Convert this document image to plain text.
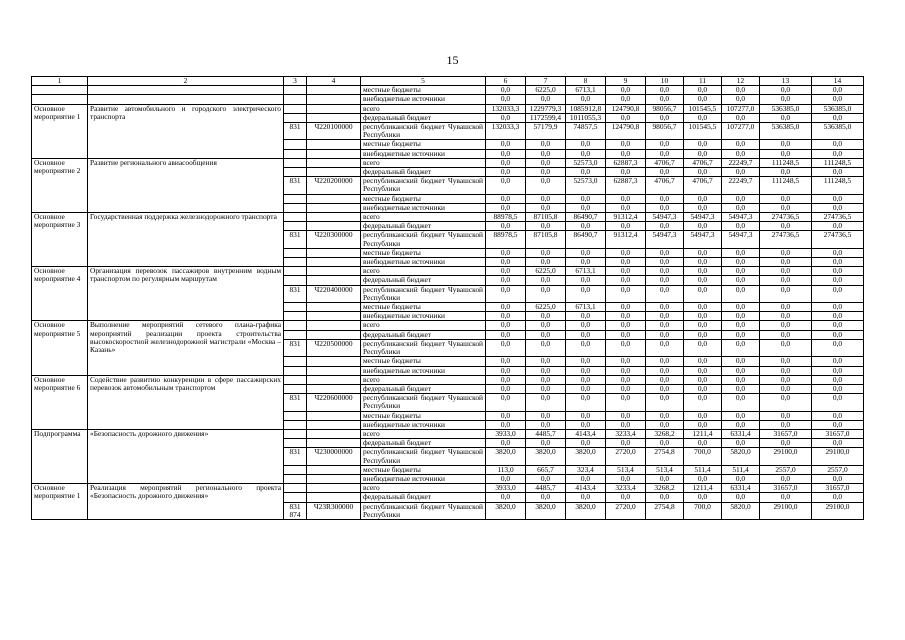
15
1	2	3	4	5	6	7	8	9	10	11	12	13	14
				местные бюджеты	0,0	6225,0	6713,1	0,0	0,0	0,0	0,0	0,0	0,0
				внебюджетные источники	0,0	0,0	0,0	0,0	0,0	0,0	0,0	0,0	0,0
Основное мероприятие 1	Развитие автомобильного и городского электрического транспорта			всего	132033,3	1229779,3	1085912,8	124790,8	98056,7	101545,5	107277,0	536385,0	536385,0
				федеральный бюджет	0,0	1172599,4	1011055,3	0,0	0,0	0,0	0,0	0,0	0,0
		831	Ч220100000	республиканский бюджет Чувашской Республики	132033,3	57179,9	74857,5	124790,8	98056,7	101545,5	107277,0	536385,0	536385,0
				местные бюджеты	0,0	0,0	0,0	0,0	0,0	0,0	0,0	0,0	0,0
				внебюджетные источники	0,0	0,0	0,0	0,0	0,0	0,0	0,0	0,0	0,0
Основное мероприятие 2	Развитие регионального авиасообщения			всего	0,0	0,0	52573,0	62887,3	4706,7	4706,7	22249,7	111248,5	111248,5
				федеральный бюджет	0,0	0,0	0,0	0,0	0,0	0,0	0,0	0,0	0,0
		831	Ч220200000	республиканский бюджет Чувашской Республики	0,0	0,0	52573,0	62887,3	4706,7	4706,7	22249,7	111248,5	111248,5
				местные бюджеты	0,0	0,0	0,0	0,0	0,0	0,0	0,0	0,0	0,0
				внебюджетные источники	0,0	0,0	0,0	0,0	0,0	0,0	0,0	0,0	0,0
Основное мероприятие 3	Государственная поддержка железнодорожного транспорта			всего	88978,5	87105,8	86490,7	91312,4	54947,3	54947,3	54947,3	274736,5	274736,5
				федеральный бюджет	0,0	0,0	0,0	0,0	0,0	0,0	0,0	0,0	0,0
		831	Ч220300000	республиканский бюджет Чувашской Республики	88978,5	87105,8	86490,7	91312,4	54947,3	54947,3	54947,3	274736,5	274736,5
				местные бюджеты	0,0	0,0	0,0	0,0	0,0	0,0	0,0	0,0	0,0
				внебюджетные источники	0,0	0,0	0,0	0,0	0,0	0,0	0,0	0,0	0,0
Основное мероприятие 4	Организация перевозок пассажиров внутренним водным транспортом по регулярным маршрутам			всего	0,0	6225,0	6713,1	0,0	0,0	0,0	0,0	0,0	0,0
				федеральный бюджет	0,0	0,0	0,0	0,0	0,0	0,0	0,0	0,0	0,0
		831	Ч220400000	республиканский бюджет Чувашской Республики	0,0	0,0	0,0	0,0	0,0	0,0	0,0	0,0	0,0
				местные бюджеты	0,0	6225,0	6713,1	0,0	0,0	0,0	0,0	0,0	0,0
				внебюджетные источники	0,0	0,0	0,0	0,0	0,0	0,0	0,0	0,0	0,0
Основное мероприятие 5	Выполнение мероприятий сетевого плана-графика мероприятий реализации проекта строительства высокоскоростной железнодорожной магистрали «Москва – Казань»			всего	0,0	0,0	0,0	0,0	0,0	0,0	0,0	0,0	0,0
				федеральный бюджет	0,0	0,0	0,0	0,0	0,0	0,0	0,0	0,0	0,0
		831	Ч220500000	республиканский бюджет Чувашской Республики	0,0	0,0	0,0	0,0	0,0	0,0	0,0	0,0	0,0
				местные бюджеты	0,0	0,0	0,0	0,0	0,0	0,0	0,0	0,0	0,0
				внебюджетные источники	0,0	0,0	0,0	0,0	0,0	0,0	0,0	0,0	0,0
Основное мероприятие 6	Содействие развитию конкуренции в сфере пассажирских перевозок автомобильным транспортом			всего	0,0	0,0	0,0	0,0	0,0	0,0	0,0	0,0	0,0
				федеральный бюджет	0,0	0,0	0,0	0,0	0,0	0,0	0,0	0,0	0,0
		831	Ч220600000	республиканский бюджет Чувашской Республики	0,0	0,0	0,0	0,0	0,0	0,0	0,0	0,0	0,0
				местные бюджеты	0,0	0,0	0,0	0,0	0,0	0,0	0,0	0,0	0,0
				внебюджетные источники	0,0	0,0	0,0	0,0	0,0	0,0	0,0	0,0	0,0
Подпрограмма	«Безопасность дорожного движения»			всего	3933,0	4485,7	4143,4	3233,4	3268,2	1211,4	6331,4	31657,0	31657,0
				федеральный бюджет	0,0	0,0	0,0	0,0	0,0	0,0	0,0	0,0	0,0
		831	Ч230000000	республиканский бюджет Чувашской Республики	3820,0	3820,0	3820,0	2720,0	2754,8	700,0	5820,0	29100,0	29100,0
				местные бюджеты	113,0	665,7	323,4	513,4	513,4	511,4	511,4	2557,0	2557,0
				внебюджетные источники	0,0	0,0	0,0	0,0	0,0	0,0	0,0	0,0	0,0
Основное мероприятие 1	Реализация мероприятий регионального проекта «Безопасность дорожного движения»			всего	3933,0	4485,7	4143,4	3233,4	3268,2	1211,4	6331,4	31657,0	31657,0
				федеральный бюджет	0,0	0,0	0,0	0,0	0,0	0,0	0,0	0,0	0,0
		831 874	Ч23R300000	республиканский бюджет Чувашской Республики	3820,0	3820,0	3820,0	2720,0	2754,8	700,0	5820,0	29100,0	29100,0
